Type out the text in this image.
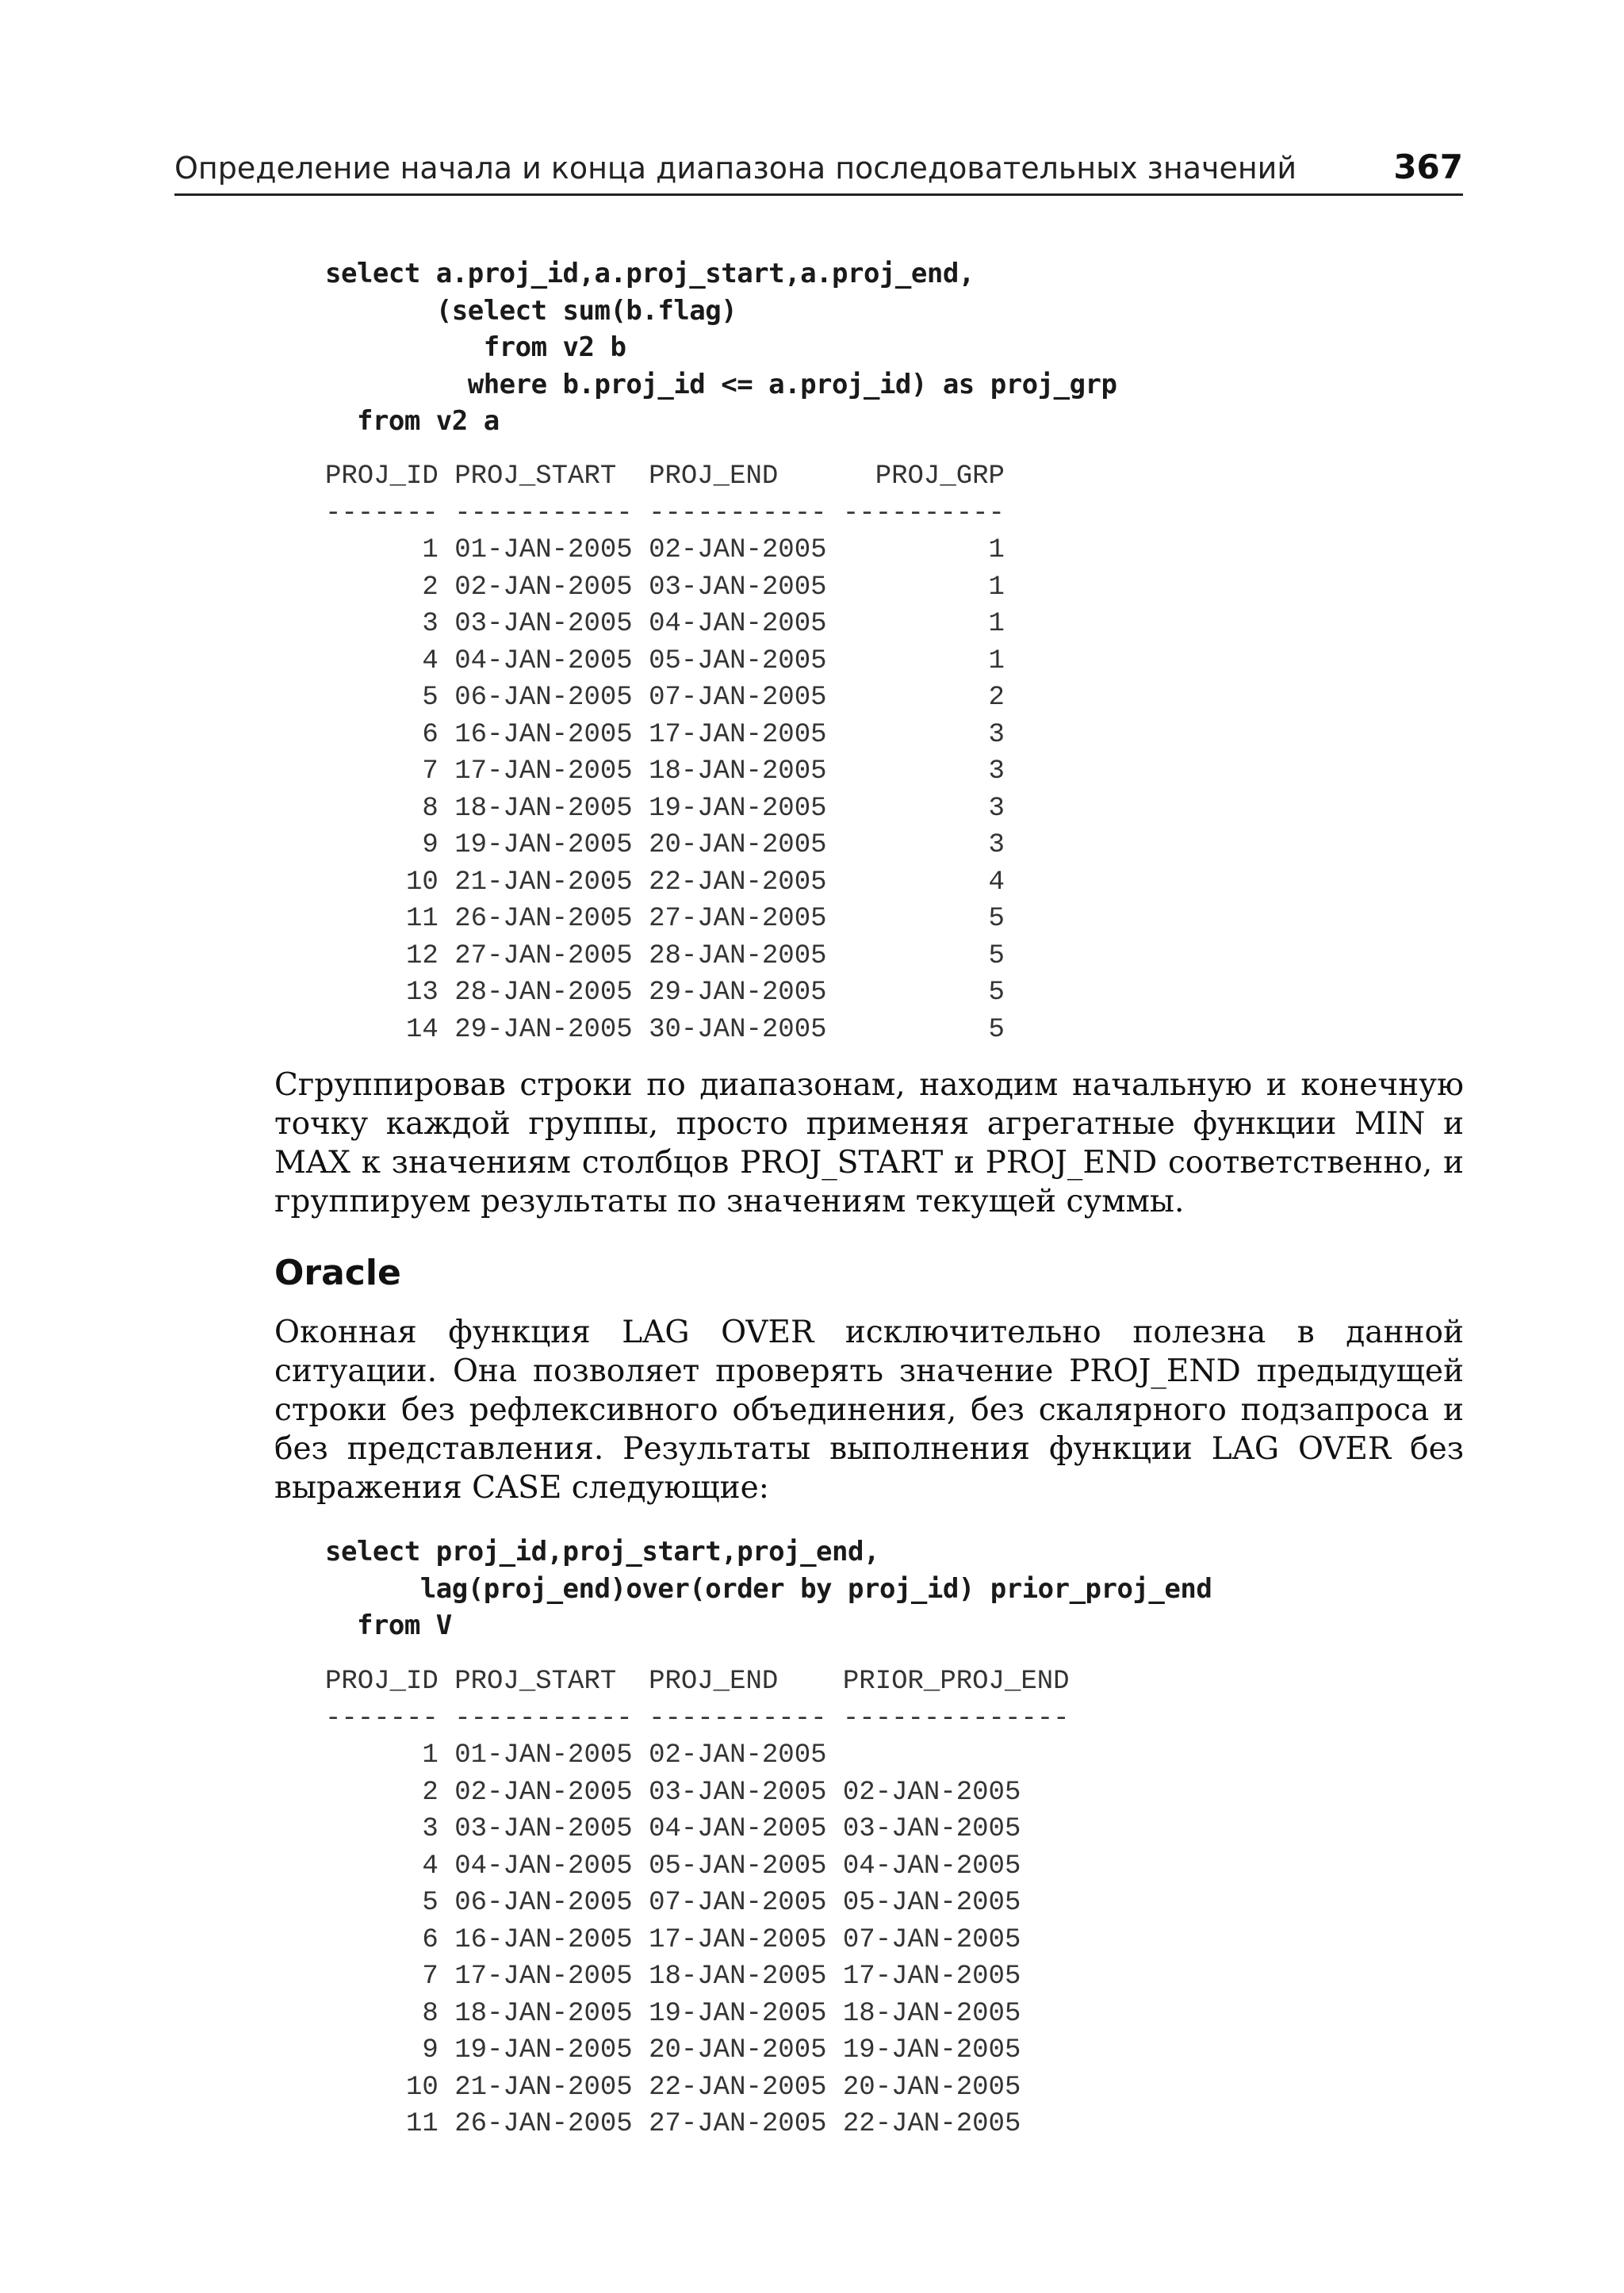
Определение начала и конца диапазона последовательных значений	367
select a.proj_id,a.proj_start,a.proj_end,
(select sum(b.flag)
from v2 b
where b.proj_id <= a.proj_id) as proj_grp
from v2 a
PROJ_ID PROJ_START  PROJ_END      PROJ_GRP
------- ----------- ----------- ----------
1 01-JAN-2005 02-JAN-2005          1
2 02-JAN-2005 03-JAN-2005          1
3 03-JAN-2005 04-JAN-2005          1
4 04-JAN-2005 05-JAN-2005          1
5 06-JAN-2005 07-JAN-2005          2
6 16-JAN-2005 17-JAN-2005          3
7 17-JAN-2005 18-JAN-2005          3
8 18-JAN-2005 19-JAN-2005          3
9 19-JAN-2005 20-JAN-2005          3
10 21-JAN-2005 22-JAN-2005          4
11 26-JAN-2005 27-JAN-2005          5
12 27-JAN-2005 28-JAN-2005          5
13 28-JAN-2005 29-JAN-2005          5
14 29-JAN-2005 30-JAN-2005          5

Сгруппировав строки по диапазонам, находим начальную и конечную точку каждой группы, просто применяя агрегатные функции MIN и MAX к значениям столбцов PROJ_START и PROJ_END соответственно, и группируем результаты по значениям текущей суммы.

Oracle

Оконная функция LAG OVER исключительно полезна в данной ситуации. Она позволяет проверять значение PROJ_END предыдущей строки без рефлексивного объединения, без скалярного подзапроса и без представления. Результаты выполнения функции LAG OVER без выражения CASE следующие:

select proj_id,proj_start,proj_end,
lag(proj_end)over(order by proj_id) prior_proj_end
from V
PROJ_ID PROJ_START  PROJ_END    PRIOR_PROJ_END
------- ----------- ----------- --------------
1 01-JAN-2005 02-JAN-2005
2 02-JAN-2005 03-JAN-2005 02-JAN-2005
3 03-JAN-2005 04-JAN-2005 03-JAN-2005
4 04-JAN-2005 05-JAN-2005 04-JAN-2005
5 06-JAN-2005 07-JAN-2005 05-JAN-2005
6 16-JAN-2005 17-JAN-2005 07-JAN-2005
7 17-JAN-2005 18-JAN-2005 17-JAN-2005
8 18-JAN-2005 19-JAN-2005 18-JAN-2005
9 19-JAN-2005 20-JAN-2005 19-JAN-2005
10 21-JAN-2005 22-JAN-2005 20-JAN-2005
11 26-JAN-2005 27-JAN-2005 22-JAN-2005
